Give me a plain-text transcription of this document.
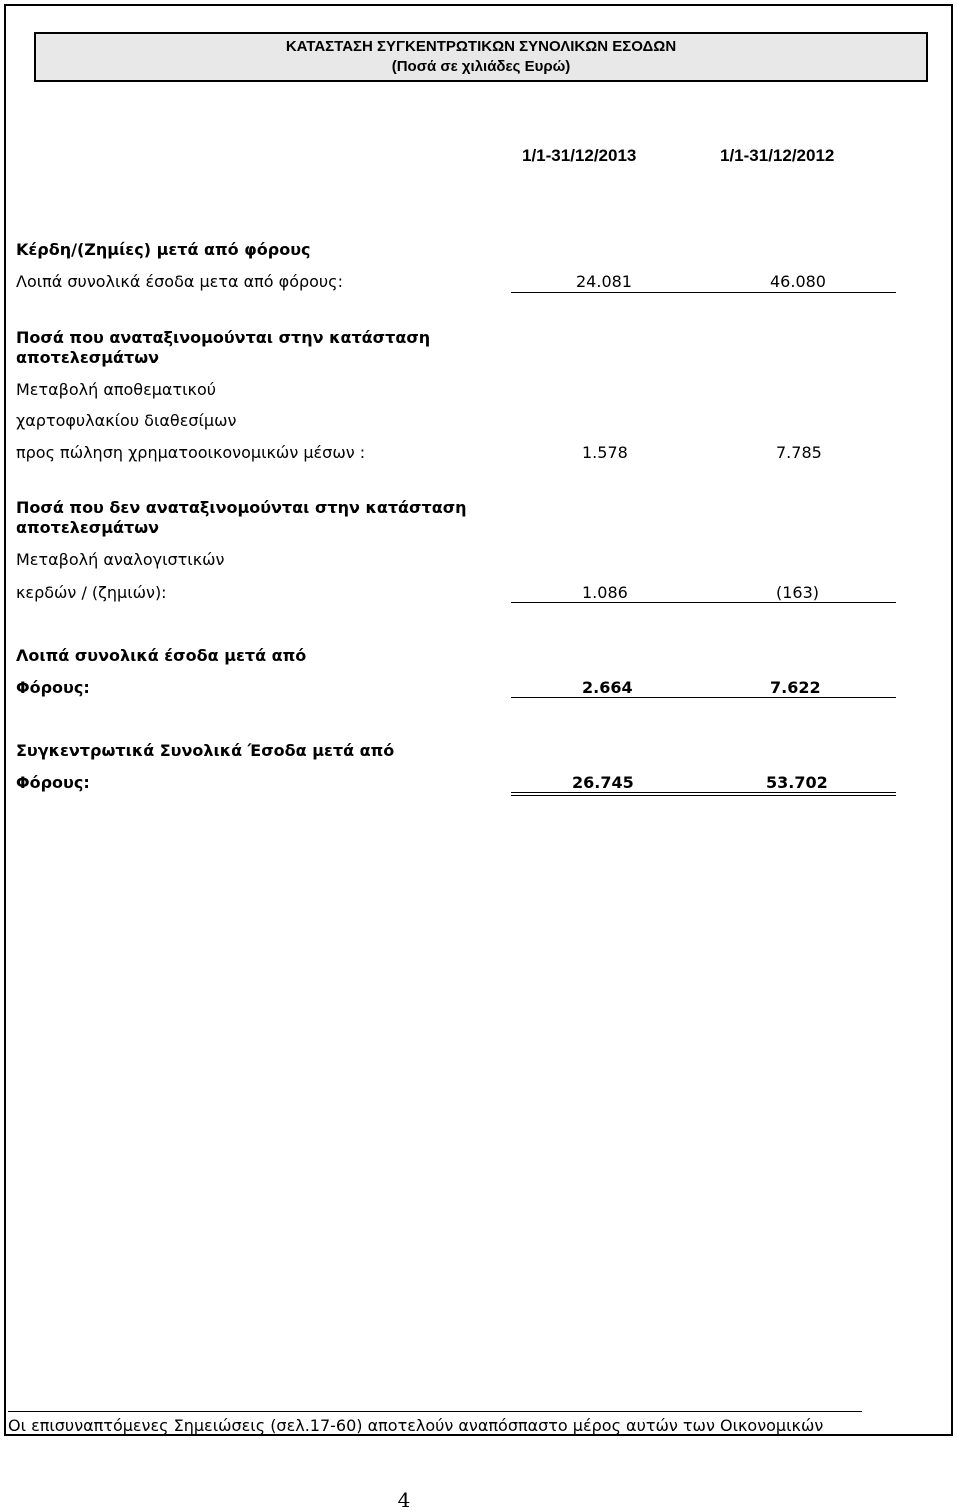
ΚΑΤΑΣΤΑΣΗ ΣΥΓΚΕΝΤΡΩΤΙΚΩΝ ΣΥΝΟΛΙΚΩΝ ΕΣΟΔΩΝ
(Ποσά σε χιλιάδες Ευρώ)
1/1-31/12/2013	1/1-31/12/2012
Κέρδη/(Ζημίες) μετά από φόρους
Λοιπά συνολικά έσοδα μετα από φόρους:	24.081	46.080
Ποσά που αναταξινομούνται στην κατάσταση
αποτελεσμάτων
Μεταβολή αποθεματικού
χαρτοφυλακίου διαθεσίμων
προς πώληση χρηματοοικονομικών μέσων :	1.578	7.785
Ποσά που δεν αναταξινομούνται στην κατάσταση
αποτελεσμάτων
Μεταβολή αναλογιστικών
κερδών / (ζημιών):	1.086	(163)
Λοιπά συνολικά έσοδα μετά από
Φόρους:	2.664	7.622
Συγκεντρωτικά Συνολικά Έσοδα μετά από
Φόρους:	26.745	53.702
Οι επισυναπτόμενες Σημειώσεις (σελ.17-60) αποτελούν αναπόσπαστο μέρος αυτών των Οικονομικών
4
